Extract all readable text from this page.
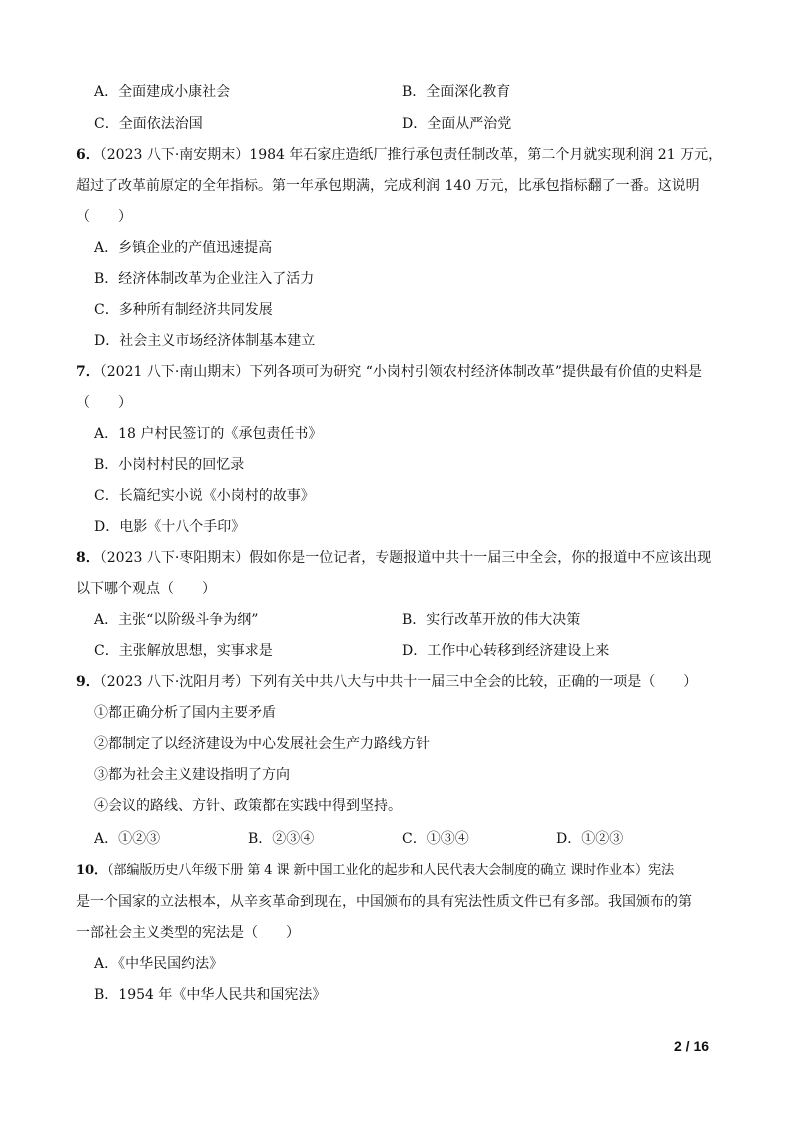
A．全面建成小康社会	B．全面深化教育
C．全面依法治国	D．全面从严治党
6．（2023 八下·南安期末）1984 年石家庄造纸厂推行承包责任制改革，第二个月就实现利润 21 万元，
超过了改革前原定的全年指标。第一年承包期满，完成利润 140 万元，比承包指标翻了一番。这说明
（　　）
A．乡镇企业的产值迅速提高
B．经济体制改革为企业注入了活力
C．多种所有制经济共同发展
D．社会主义市场经济体制基本建立
7．（2021 八下·南山期末）下列各项可为研究 “小岗村引领农村经济体制改革”提供最有价值的史料是
（　　）
A．18 户村民签订的《承包责任书》
B．小岗村村民的回忆录
C．长篇纪实小说《小岗村的故事》
D．电影《十八个手印》
8．（2023 八下·枣阳期末）假如你是一位记者，专题报道中共十一届三中全会，你的报道中不应该出现
以下哪个观点（　　）
A．主张“以阶级斗争为纲”	B．实行改革开放的伟大决策
C．主张解放思想，实事求是	D．工作中心转移到经济建设上来
9．（2023 八下·沈阳月考）下列有关中共八大与中共十一届三中全会的比较，正确的一项是（　　）
①都正确分析了国内主要矛盾
②都制定了以经济建设为中心发展社会生产力路线方针
③都为社会主义建设指明了方向
④会议的路线、方针、政策都在实践中得到坚持。
A．①②③	B．②③④	C．①③④	D．①②③
10．（部编版历史八年级下册 第 4 课 新中国工业化的起步和人民代表大会制度的确立 课时作业本）宪法
是一个国家的立法根本，从辛亥革命到现在，中国颁布的具有宪法性质文件已有多部。我国颁布的第
一部社会主义类型的宪法是（　　）
A．《中华民国约法》
B．1954 年《中华人民共和国宪法》
2 / 16
